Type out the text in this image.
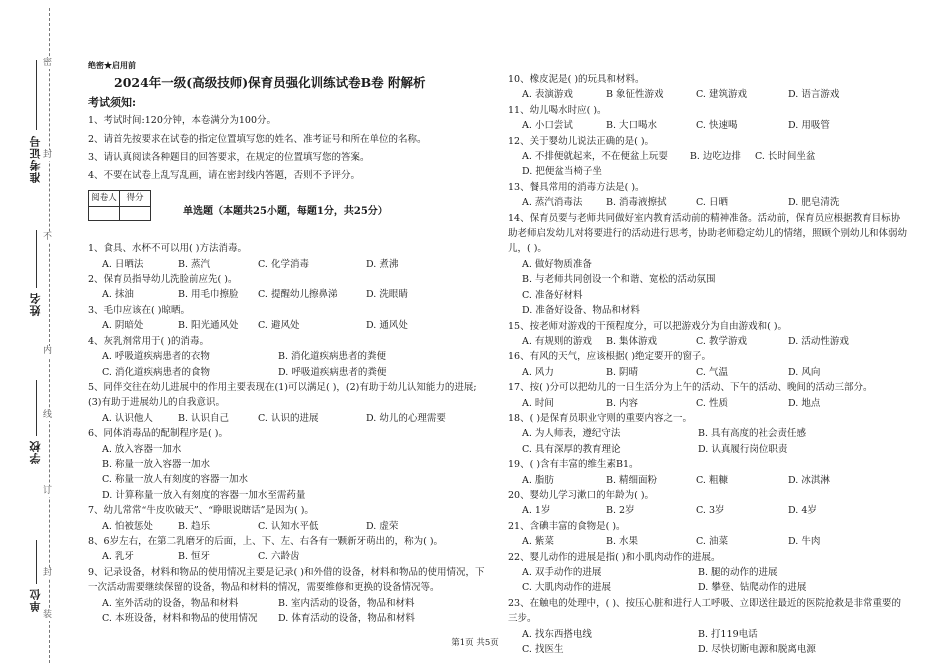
密
封
不
内
线
订
封
装
准考证号
姓名
学校
单位
绝密★启用前
2024年一级(高级技师)保育员强化训练试卷B卷 附解析
考试须知:

1、考试时间:120分钟，本卷满分为100分。

2、请首先按要求在试卷的指定位置填写您的姓名、准考证号和所在单位的名称。

3、请认真阅读各种题目的回答要求，在规定的位置填写您的答案。

4、不要在试卷上乱写乱画，请在密封线内答题，否则不予评分。

阅卷人	得分

单选题（本题共25小题，每题1分，共25分）

1、食具、水杯不可以用( )方法消毒。

A. 日晒法	B. 蒸汽	C. 化学消毒	D. 煮沸

2、保育员指导幼儿洗脸前应先( )。

A. 抹油	B. 用毛巾擦脸	C. 提醒幼儿擦鼻涕	D. 洗眼睛

3、毛巾应该在( )晾晒。

A. 阴暗处	B. 阳光通风处	C. 避风处	D. 通风处

4、灰乳剂常用于( )的消毒。

A. 呼吸道疾病患者的衣物	B. 消化道疾病患者的粪便
C. 消化道疾病患者的食物	D. 呼吸道疾病患者的粪便

5、同伴交往在幼儿进展中的作用主要表现在(1)可以满足( )，(2)有助于幼儿认知能力的进展;(3)有助于进展幼儿的自我意识。

A. 认识他人	B. 认识自己	C. 认识的进展	D. 幼儿的心理需要

6、同体消毒品的配制程序是( )。

A. 放入容器一加水

B. 称量一放入容器一加水

C. 称量一放人有刻度的容器一加水

D. 计算称量一放入有刻度的容器一加水至需药量

7、幼儿常常“牛皮吹破天”、“睁眼说瞎话”是因为( )。

A. 怕被惩处	B. 趋乐	C. 认知水平低	D. 虚荣

8、6岁左右，在第二乳磨牙的后面，上、下、左、右各有一颗新牙萌出的，称为( )。

A. 乳牙	B. 恒牙	C. 六龄齿

9、记录设备，材料和物品的使用情况主要是记录( )和外借的设备，材料和物品的使用情况，下一次活动需要继续保留的设备，物品和材料的情况，需要维修和更换的设备情况等。

A. 室外活动的设备，物品和材料	B. 室内活动的设备，物品和材料
C. 本班设备，材料和物品的使用情况	D. 体育活动的设备，物品和材料

10、橡皮泥是( )的玩具和材料。

A. 表演游戏	B 象征性游戏	C. 建筑游戏	D. 语言游戏

11、幼儿喝水时应( )。

A. 小口尝试	B. 大口喝水	C. 快速喝	D. 用吸管

12、关于婴幼儿说法正确的是( )。

A. 不排便就起来，不在便盆上玩耍 B. 边吃边排 C. 长时间坐盆
D. 把便盆当椅子坐

13、餐具常用的消毒方法是( )。

A. 蒸汽消毒法	B. 消毒液擦拭	C. 日晒	D. 肥皂清洗

14、保育员要与老师共同做好室内教育活动前的精神准备。活动前，保育员应根据教育目标协助老师启发幼儿对将要进行的活动进行思考，协助老师稳定幼儿的情绪，照顾个别幼儿和体弱幼儿，( )。

A. 做好物质准备

B. 与老师共同创设一个和谐、宽松的活动氛围

C. 准备好材料

D. 准备好设备、物品和材料

15、按老师对游戏的干预程度分，可以把游戏分为自由游戏和( )。

A. 有规则的游戏	B. 集体游戏	C. 教学游戏	D. 活动性游戏

16、有风的天气，应该根据( )绝定要开的窗子。

A. 风力	B. 阴晴	C. 气温	D. 风向

17、按( )分可以把幼儿的一日生活分为上午的活动、下午的活动、晚间的活动三部分。

A. 时间	B. 内容	C. 性质	D. 地点

18、( )是保育员职业守则的重要内容之一。

A. 为人师表，遵纪守法	B. 具有高度的社会责任感
C. 具有深厚的教育理论	D. 认真履行岗位职责

19、( )含有丰富的维生素B1。

A. 脂肪	B. 精细面粉	C. 粗糠	D. 冰淇淋

20、婴幼儿学习漱口的年龄为( )。

A. 1岁	B. 2岁	C. 3岁	D. 4岁

21、含碘丰富的食物是( )。

A. 紫菜	B. 水果	C. 油菜	D. 牛肉

22、婴儿动作的进展是指( )和小肌肉动作的进展。

A. 双手动作的进展	B. 腿的动作的进展
C. 大肌肉动作的进展	D. 攀登、钻爬动作的进展

23、在触电的处理中，( )、按压心脏和进行人工呼吸、立即送往最近的医院抢救是非常重要的三步。

A. 找东西搭电线	B. 打119电话
C. 找医生	D. 尽快切断电源和脱离电源
第1页 共5页
